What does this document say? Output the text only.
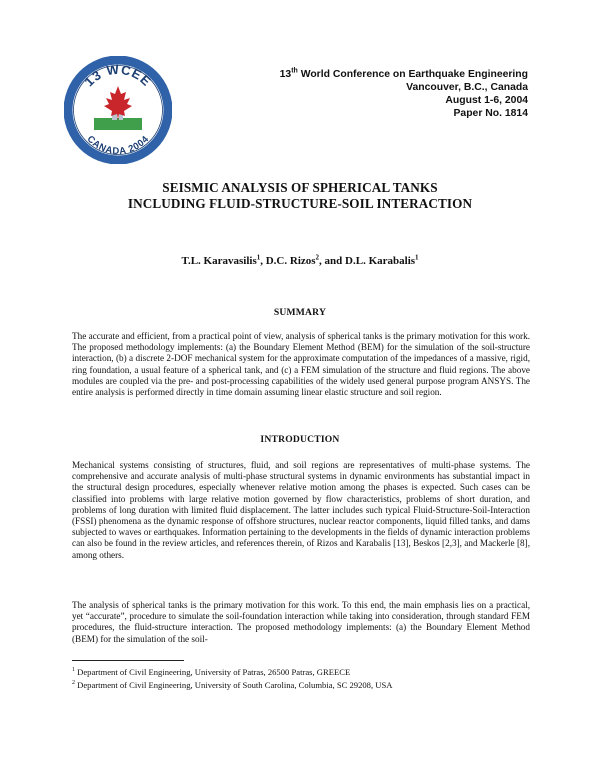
13 WCEE
CANADA 2004
13th World Conference on Earthquake Engineering
Vancouver, B.C., Canada
August 1-6, 2004
Paper No. 1814
SEISMIC ANALYSIS OF SPHERICAL TANKS
INCLUDING FLUID-STRUCTURE-SOIL INTERACTION
T.L. Karavasilis$^1$, D.C. Rizos$^2$, and D.L. Karabalis$^1$
SUMMARY

The accurate and efficient, from a practical point of view, analysis of spherical tanks is the primary motivation for this work. The proposed methodology implements: (a) the Boundary Element Method (BEM) for the simulation of the soil-structure interaction, (b) a discrete 2-DOF mechanical system for the approximate computation of the impedances of a massive, rigid, ring foundation, a usual feature of a spherical tank, and (c) a FEM simulation of the structure and fluid regions. The above modules are coupled via the pre- and post-processing capabilities of the widely used general purpose program ANSYS. The entire analysis is performed directly in time domain assuming linear elastic structure and soil region.

INTRODUCTION

Mechanical systems consisting of structures, fluid, and soil regions are representatives of multi-phase systems. The comprehensive and accurate analysis of multi-phase structural systems in dynamic environments has substantial impact in the structural design procedures, especially whenever relative motion among the phases is expected. Such cases can be classified into problems with large relative motion governed by flow characteristics, problems of short duration, and problems of long duration with limited fluid displacement. The latter includes such typical Fluid-Structure-Soil-Interaction (FSSI) phenomena as the dynamic response of offshore structures, nuclear reactor components, liquid filled tanks, and dams subjected to waves or earthquakes. Information pertaining to the developments in the fields of dynamic interaction problems can also be found in the review articles, and references therein, of Rizos and Karabalis [13], Beskos [2,3], and Mackerle [8], among others.

The analysis of spherical tanks is the primary motivation for this work. To this end, the main emphasis lies on a practical, yet “accurate”, procedure to simulate the soil-foundation interaction while taking into consideration, through standard FEM procedures, the fluid-structure interaction. The proposed methodology implements: (a) the Boundary Element Method (BEM) for the simulation of the soil-

$^1$ Department of Civil Engineering, University of Patras, 26500 Patras, GREECE
$^2$ Department of Civil Engineering, University of South Carolina, Columbia, SC 29208, USA
